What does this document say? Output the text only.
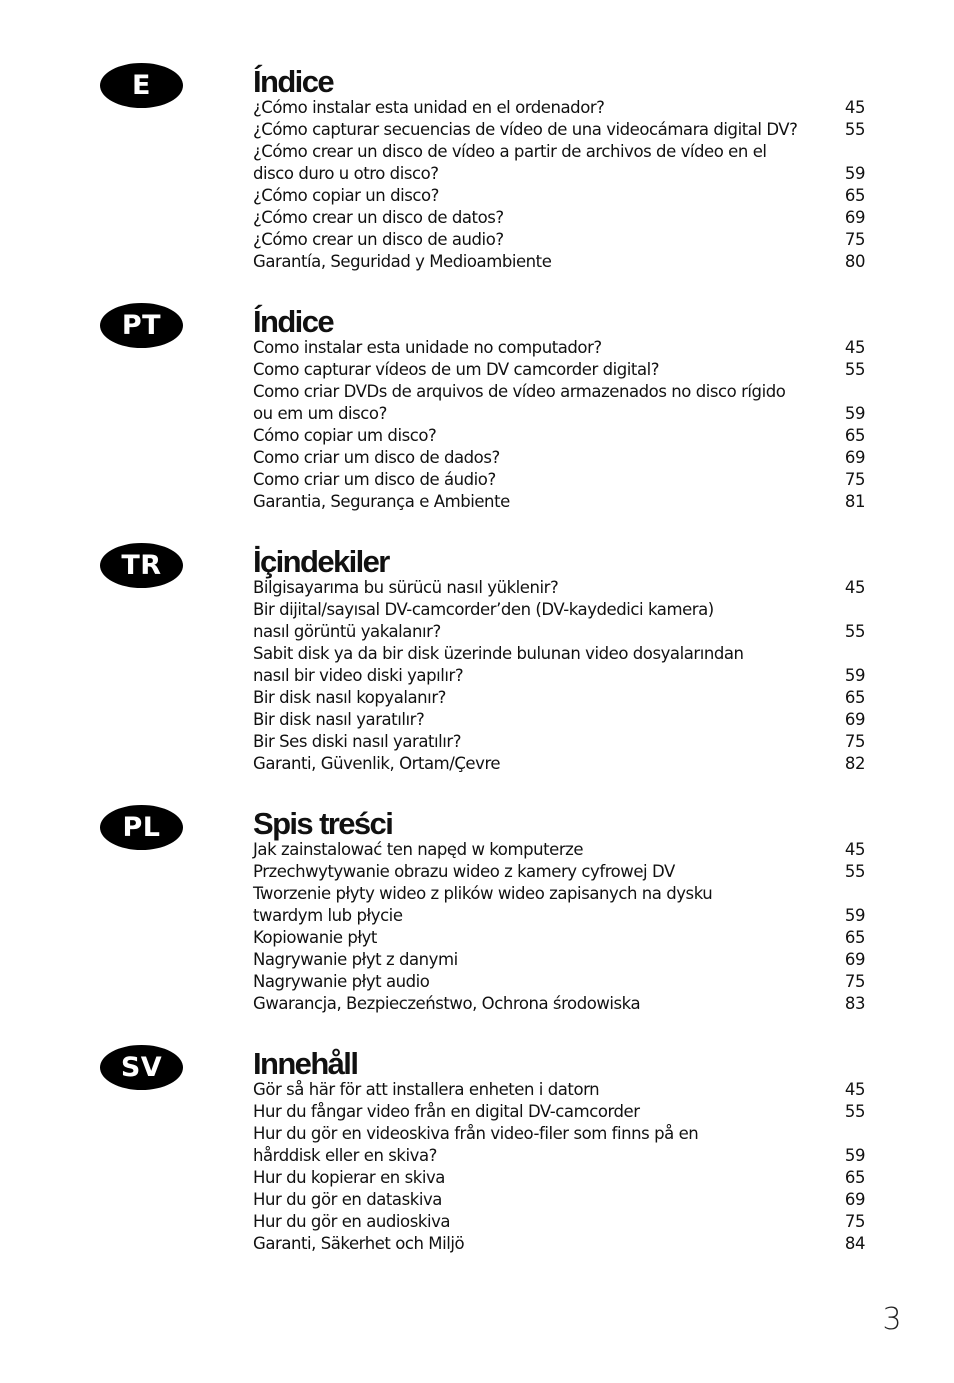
E	Índice
¿Cómo instalar esta unidad en el ordenador?	45
¿Cómo capturar secuencias de vídeo de una videocámara digital DV?	55
¿Cómo crear un disco de vídeo a partir de archivos de vídeo en el
disco duro u otro disco?	59
¿Cómo copiar un disco?	65
¿Cómo crear un disco de datos?	69
¿Cómo crear un disco de audio?	75
Garantía, Seguridad y Medioambiente	80
PT	Índice
Como instalar esta unidade no computador?	45
Como capturar vídeos de um DV camcorder digital?	55
Como criar DVDs de arquivos de vídeo armazenados no disco rígido
ou em um disco?	59
Cómo copiar um disco?	65
Como criar um disco de dados?	69
Como criar um disco de áudio?	75
Garantia, Segurança e Ambiente	81
TR	İçindekiler
Bilgisayarıma bu sürücü nasıl yüklenir?	45
Bir dijital/sayısal DV-camcorder’den (DV-kaydedici kamera)
nasıl görüntü yakalanır?	55
Sabit disk ya da bir disk üzerinde bulunan video dosyalarından
nasıl bir video diski yapılır?	59
Bir disk nasıl kopyalanır?	65
Bir disk nasıl yaratılır?	69
Bir Ses diski nasıl yaratılır?	75
Garanti, Güvenlik, Ortam/Çevre	82
PL	Spis treści
Jak zainstalować ten napęd w komputerze	45
Przechwytywanie obrazu wideo z kamery cyfrowej DV	55
Tworzenie płyty wideo z plików wideo zapisanych na dysku
twardym lub płycie	59
Kopiowanie płyt	65
Nagrywanie płyt z danymi	69
Nagrywanie płyt audio	75
Gwarancja, Bezpieczeństwo, Ochrona środowiska	83
SV	Innehåll
Gör så här för att installera enheten i datorn	45
Hur du fångar video från en digital DV-camcorder	55
Hur du gör en videoskiva från video-filer som finns på en
hårddisk eller en skiva?	59
Hur du kopierar en skiva	65
Hur du gör en dataskiva	69
Hur du gör en audioskiva	75
Garanti, Säkerhet och Miljö	84
3
